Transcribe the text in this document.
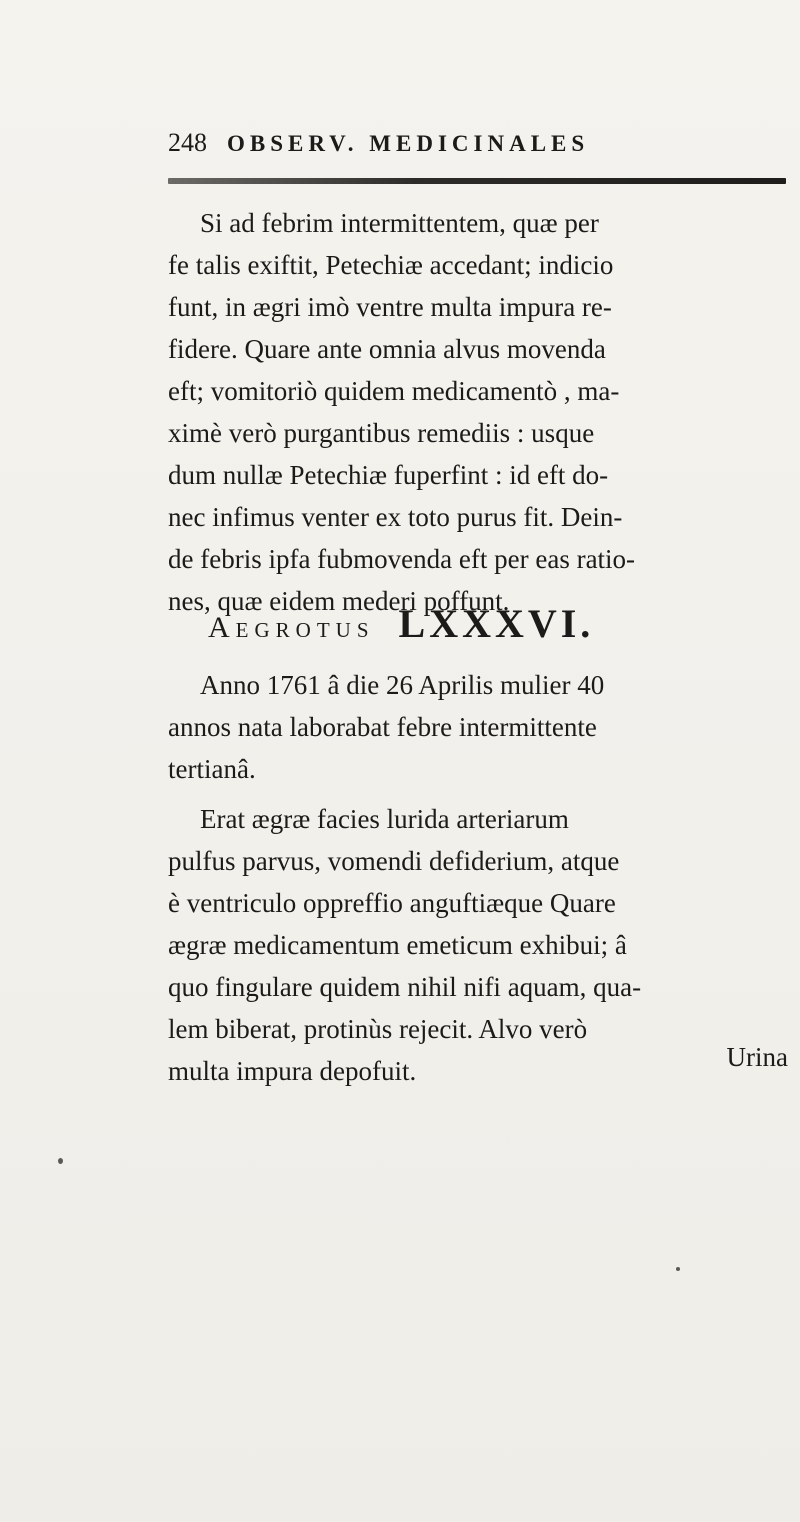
248 OBSERV. MEDICINALES
Si ad febrim intermittentem, quæ per
fe talis exiftit, Petechiæ accedant; indicio
funt, in ægri imò ventre multa impura re-
fidere. Quare ante omnia alvus movenda
eft; vomitoriò quidem medicamentò , ma-
ximè verò purgantibus remediis : usque
dum nullæ Petechiæ fuperfint : id eft do-
nec infimus venter ex toto purus fit. Dein-
de febris ipfa fubmovenda eft per eas ratio-
nes, quæ eidem mederi poffunt.
Aegrotus LXXXVI.
Anno 1761 â die 26 Aprilis mulier 40
annos nata laborabat febre intermittente
tertianâ.
Erat ægræ facies lurida arteriarum
pulfus parvus, vomendi defiderium, atque
è ventriculo oppreffio anguftiæque Quare
ægræ medicamentum emeticum exhibui; â
quo fingulare quidem nihil nifi aquam, qua-
lem biberat, protinùs rejecit. Alvo verò
multa impura depofuit.	Urina
